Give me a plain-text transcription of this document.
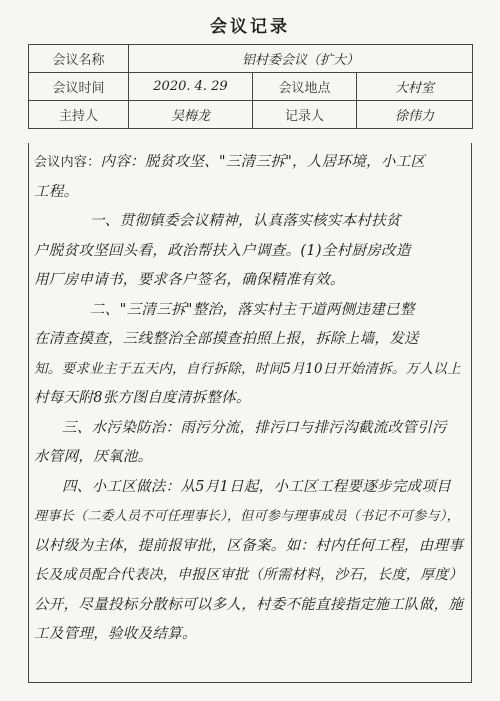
会议记录
会议名称	铝村委会议（扩大）		
会议时间	2020. 4. 29	会议地点	大村室
主持人	吴梅龙	记录人	徐伟力
会议内容：内容：脱贫攻坚、"三清三拆"，人居环境，小工区
工程。
一、贯彻镇委会议精神，认真落实核实本村扶贫
户脱贫攻坚回头看，政治帮扶入户调查。(1)全村厨房改造
用厂房申请书，要求各户签名，确保精准有效。
二、"三清三拆"整治，落实村主干道两侧违建已整
在清查摸查，三线整治全部摸查拍照上报，拆除上墙，发送
知。要求业主于五天内，自行拆除，时间5月10日开始清拆。万人以上
村每天附8张方图自度清拆整体。
三、水污染防治：雨污分流，排污口与排污沟截流改管引污
水管网，厌氧池。
四、小工区做法：从5月1日起，小工区工程要逐步完成项目
理事长（二委人员不可任理事长），但可参与理事成员（书记不可参与），
以村级为主体，提前报审批，区备案。如：村内任何工程，由理事
长及成员配合代表决，申报区审批（所需材料，沙石，长度，厚度）
公开，尽量投标分散标可以多人，村委不能直接指定施工队做，施
工及管理，验收及结算。
